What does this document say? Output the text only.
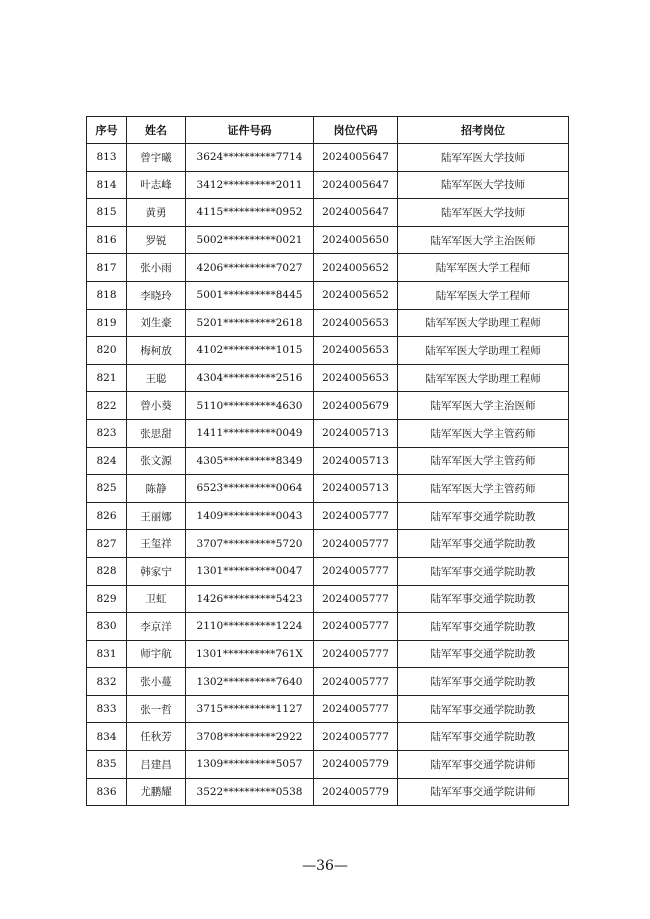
序号	姓名	证件号码	岗位代码	招考岗位
813	曾宇曦	3624**********7714	2024005647	陆军军医大学技师
814	叶志峰	3412**********2011	2024005647	陆军军医大学技师
815	黄勇	4115**********0952	2024005647	陆军军医大学技师
816	罗锐	5002**********0021	2024005650	陆军军医大学主治医师
817	张小雨	4206**********7027	2024005652	陆军军医大学工程师
818	李晓玲	5001**********8445	2024005652	陆军军医大学工程师
819	刘生豪	5201**********2618	2024005653	陆军军医大学助理工程师
820	梅柯放	4102**********1015	2024005653	陆军军医大学助理工程师
821	王聪	4304**********2516	2024005653	陆军军医大学助理工程师
822	曾小葵	5110**********4630	2024005679	陆军军医大学主治医师
823	张思甜	1411**********0049	2024005713	陆军军医大学主管药师
824	张文源	4305**********8349	2024005713	陆军军医大学主管药师
825	陈静	6523**********0064	2024005713	陆军军医大学主管药师
826	王丽娜	1409**********0043	2024005777	陆军军事交通学院助教
827	王玺祥	3707**********5720	2024005777	陆军军事交通学院助教
828	韩家宁	1301**********0047	2024005777	陆军军事交通学院助教
829	卫虹	1426**********5423	2024005777	陆军军事交通学院助教
830	李京洋	2110**********1224	2024005777	陆军军事交通学院助教
831	师宇航	1301**********761X	2024005777	陆军军事交通学院助教
832	张小蔓	1302**********7640	2024005777	陆军军事交通学院助教
833	张一哲	3715**********1127	2024005777	陆军军事交通学院助教
834	任秋芳	3708**********2922	2024005777	陆军军事交通学院助教
835	吕建昌	1309**********5057	2024005779	陆军军事交通学院讲师
836	尤鹏耀	3522**********0538	2024005779	陆军军事交通学院讲师
—36—
